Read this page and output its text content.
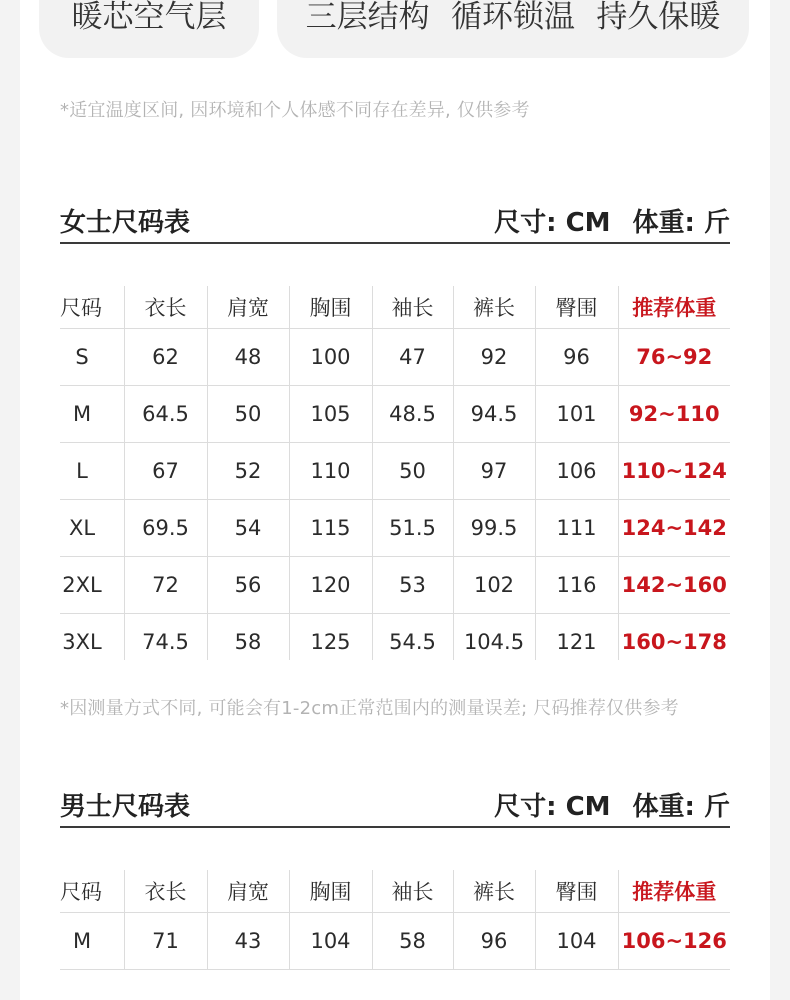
暖芯空气层	三层结构 循环锁温 持久保暖
*适宜温度区间, 因环境和个人体感不同存在差异, 仅供参考
女士尺码表	尺寸: CM 体重: 斤
尺码	衣长	肩宽	胸围	袖长	裤长	臀围	推荐体重
S	62	48	100	47	92	96	76~92
M	64.5	50	105	48.5	94.5	101	92~110
L	67	52	110	50	97	106	110~124
XL	69.5	54	115	51.5	99.5	111	124~142
2XL	72	56	120	53	102	116	142~160
3XL	74.5	58	125	54.5	104.5	121	160~178
*因测量方式不同, 可能会有1-2cm正常范围内的测量误差; 尺码推荐仅供参考
男士尺码表	尺寸: CM 体重: 斤
尺码	衣长	肩宽	胸围	袖长	裤长	臀围	推荐体重
M	71	43	104	58	96	104	106~126
